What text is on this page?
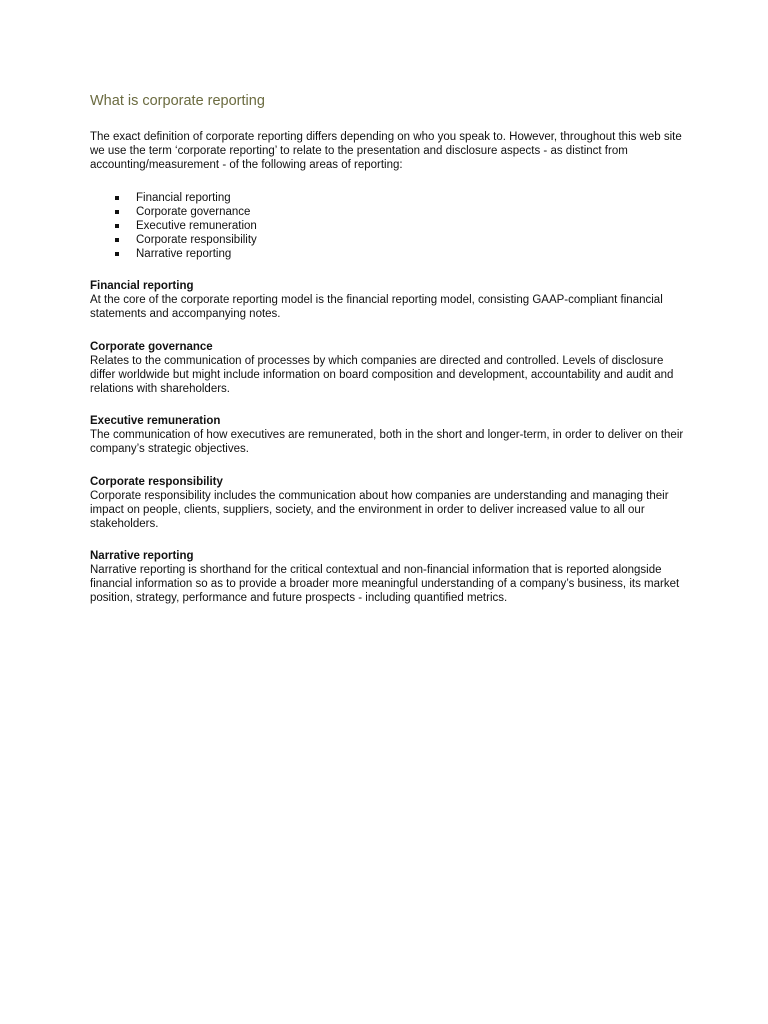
What is corporate reporting

The exact definition of corporate reporting differs depending on who you speak to. However, throughout this web site we use the term ‘corporate reporting’ to relate to the presentation and disclosure aspects - as distinct from accounting/measurement - of the following areas of reporting:

Financial reporting
Corporate governance
Executive remuneration
Corporate responsibility
Narrative reporting
Financial reporting

At the core of the corporate reporting model is the financial reporting model, consisting GAAP-compliant financial statements and accompanying notes.

Corporate governance

Relates to the communication of processes by which companies are directed and controlled. Levels of disclosure differ worldwide but might include information on board composition and development, accountability and audit and relations with shareholders.

Executive remuneration

The communication of how executives are remunerated, both in the short and longer-term, in order to deliver on their company’s strategic objectives.

Corporate responsibility

Corporate responsibility includes the communication about how companies are understanding and managing their impact on people, clients, suppliers, society, and the environment in order to deliver increased value to all our stakeholders.

Narrative reporting

Narrative reporting is shorthand for the critical contextual and non-financial information that is reported alongside financial information so as to provide a broader more meaningful understanding of a company’s business, its market position, strategy, performance and future prospects - including quantified metrics.
